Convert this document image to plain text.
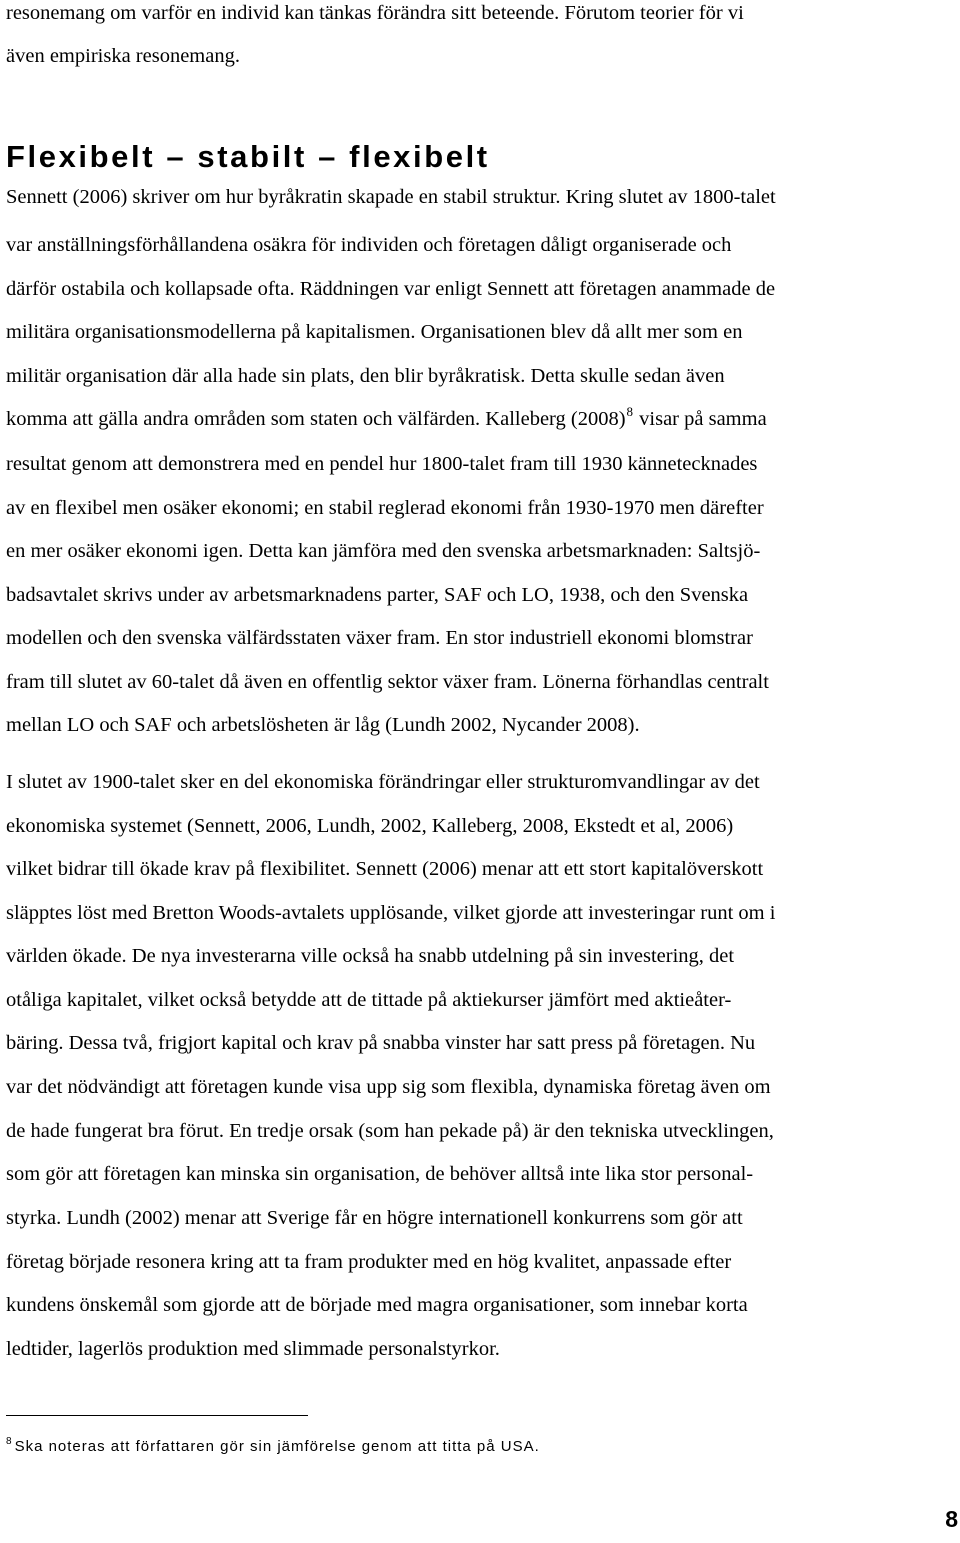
resonemang om varför en individ kan tänkas förändra sitt beteende. Förutom teorier för vi
även empiriska resonemang.
Flexibelt – stabilt – flexibelt
Sennett (2006) skriver om hur byråkratin skapade en stabil struktur. Kring slutet av 1800-talet
var anställningsförhållandena osäkra för individen och företagen dåligt organiserade och
därför ostabila och kollapsade ofta. Räddningen var enligt Sennett att företagen anammade de
militära organisationsmodellerna på kapitalismen. Organisationen blev då allt mer som en
militär organisation där alla hade sin plats, den blir byråkratisk. Detta skulle sedan även
komma att gälla andra områden som staten och välfärden. Kalleberg (2008)$^8$ visar på samma
resultat genom att demonstrera med en pendel hur 1800-talet fram till 1930 kännetecknades
av en flexibel men osäker ekonomi; en stabil reglerad ekonomi från 1930-1970 men därefter
en mer osäker ekonomi igen. Detta kan jämföra med den svenska arbetsmarknaden: Saltsjö-
badsavtalet skrivs under av arbetsmarknadens parter, SAF och LO, 1938, och den Svenska
modellen och den svenska välfärdsstaten växer fram. En stor industriell ekonomi blomstrar
fram till slutet av 60-talet då även en offentlig sektor växer fram. Lönerna förhandlas centralt
mellan LO och SAF och arbetslösheten är låg (Lundh 2002, Nycander 2008).
I slutet av 1900-talet sker en del ekonomiska förändringar eller strukturomvandlingar av det
ekonomiska systemet (Sennett, 2006, Lundh, 2002, Kalleberg, 2008, Ekstedt et al, 2006)
vilket bidrar till ökade krav på flexibilitet. Sennett (2006) menar att ett stort kapitalöverskott
släpptes löst med Bretton Woods-avtalets upplösande, vilket gjorde att investeringar runt om i
världen ökade. De nya investerarna ville också ha snabb utdelning på sin investering, det
otåliga kapitalet, vilket också betydde att de tittade på aktiekurser jämfört med aktieåter-
bäring. Dessa två, frigjort kapital och krav på snabba vinster har satt press på företagen. Nu
var det nödvändigt att företagen kunde visa upp sig som flexibla, dynamiska företag även om
de hade fungerat bra förut. En tredje orsak (som han pekade på) är den tekniska utvecklingen,
som gör att företagen kan minska sin organisation, de behöver alltså inte lika stor personal-
styrka. Lundh (2002) menar att Sverige får en högre internationell konkurrens som gör att
företag började resonera kring att ta fram produkter med en hög kvalitet, anpassade efter
kundens önskemål som gjorde att de började med magra organisationer, som innebar korta
ledtider, lagerlös produktion med slimmade personalstyrkor.
$^8$ Ska noteras att författaren gör sin jämförelse genom att titta på USA.
8
